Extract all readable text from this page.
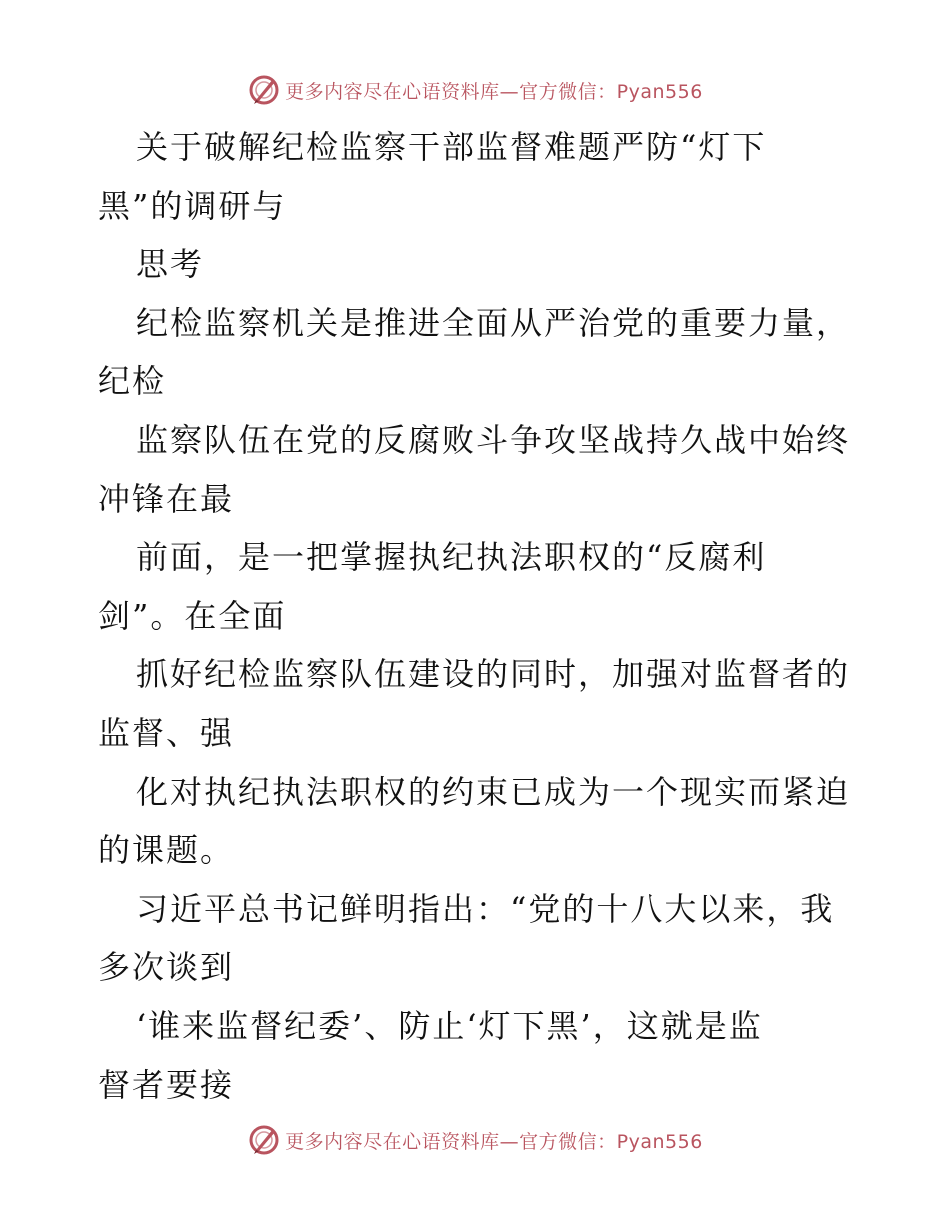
更多内容尽在心语资料库—官方微信：Pyan556
关于破解纪检监察干部监督难题严防“灯下
黑”的调研与
思考
纪检监察机关是推进全面从严治党的重要力量，
纪检
监察队伍在党的反腐败斗争攻坚战持久战中始终
冲锋在最
前面，是一把掌握执纪执法职权的“反腐利
剑”。在全面
抓好纪检监察队伍建设的同时，加强对监督者的
监督、强
化对执纪执法职权的约束已成为一个现实而紧迫
的课题。
习近平总书记鲜明指出：“党的十八大以来，我
多次谈到
‘谁来监督纪委’、防止‘灯下黑’，这就是监
督者要接
更多内容尽在心语资料库—官方微信：Pyan556
